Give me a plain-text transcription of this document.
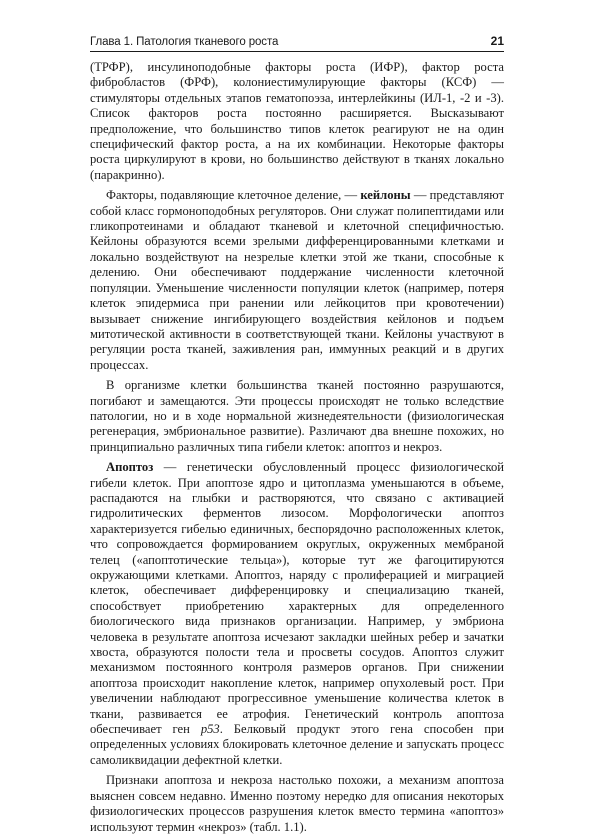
Глава 1. Патология тканевого роста	21

(ТРФР), инсулиноподобные факторы роста (ИФР), фактор роста фибробластов (ФРФ), колониестимулирующие факторы (КСФ) — стимуляторы отдельных этапов гематопоэза, интерлейкины (ИЛ-1, -2 и -3). Список факторов роста постоянно расширяется. Высказывают предположение, что большинство типов клеток реагируют не на один специфический фактор роста, а на их комбинации. Некоторые факторы роста циркулируют в крови, но большинство действуют в тканях локально (паракринно).

Факторы, подавляющие клеточное деление, — кейлоны — представляют собой класс гормоноподобных регуляторов. Они служат полипептидами или гликопротеинами и обладают тканевой и клеточной специфичностью. Кейлоны образуются всеми зрелыми дифференцированными клетками и локально воздействуют на незрелые клетки этой же ткани, способные к делению. Они обеспечивают поддержание численности клеточной популяции. Уменьшение численности популяции клеток (например, потеря клеток эпидермиса при ранении или лейкоцитов при кровотечении) вызывает снижение ингибирующего воздействия кейлонов и подъем митотической активности в соответствующей ткани. Кейлоны участвуют в регуляции роста тканей, заживления ран, иммунных реакций и в других процессах.

В организме клетки большинства тканей постоянно разрушаются, погибают и замещаются. Эти процессы происходят не только вследствие патологии, но и в ходе нормальной жизнедеятельности (физиологическая регенерация, эмбриональное развитие). Различают два внешне похожих, но принципиально различных типа гибели клеток: апоптоз и некроз.

Апоптоз — генетически обусловленный процесс физиологической гибели клеток. При апоптозе ядро и цитоплазма уменьшаются в объеме, распадаются на глыбки и растворяются, что связано с активацией гидролитических ферментов лизосом. Морфологически апоптоз характеризуется гибелью единичных, беспорядочно расположенных клеток, что сопровождается формированием округлых, окруженных мембраной телец («апоптотические тельца»), которые тут же фагоцитируются окружающими клетками. Апоптоз, наряду с пролиферацией и миграцией клеток, обеспечивает дифференцировку и специализацию тканей, способствует приобретению характерных для определенного биологического вида признаков организации. Например, у эмбриона человека в результате апоптоза исчезают закладки шейных ребер и зачатки хвоста, образуются полости тела и просветы сосудов. Апоптоз служит механизмом постоянного контроля размеров органов. При снижении апоптоза происходит накопление клеток, например опухолевый рост. При увеличении наблюдают прогрессивное уменьшение количества клеток в ткани, развивается ее атрофия. Генетический контроль апоптоза обеспечивает ген p53. Белковый продукт этого гена способен при определенных условиях блокировать клеточное деление и запускать процесс самоликвидации дефектной клетки.

Признаки апоптоза и некроза настолько похожи, а механизм апоптоза выяснен совсем недавно. Именно поэтому нередко для описания некоторых физиологических процессов разрушения клеток вместо термина «апоптоз» используют термин «некроз» (табл. 1.1).
